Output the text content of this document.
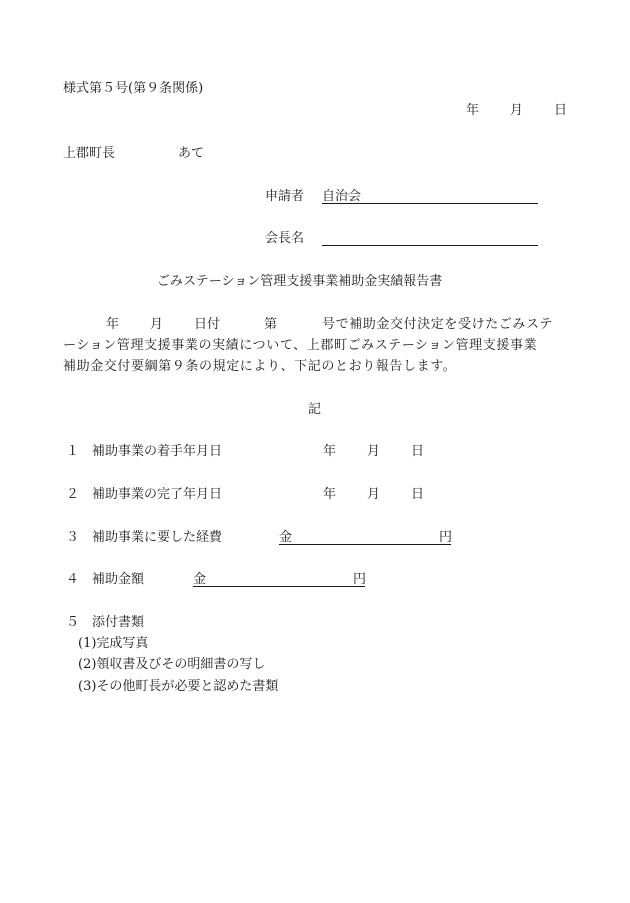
様式第５号(第９条関係)
年 月 日
上郡町長	あて
申請者 自治会
会長名
ごみステーション管理支援事業補助金実績報告書
年 月 日付	第	号で補助金交付決定を受けたごみステ
ーション管理支援事業の実績について、上郡町ごみステーション管理支援事業
補助金交付要綱第９条の規定により、下記のとおり報告します。
記
１ 補助事業の着手年月日	年 月 日
２ 補助事業の完了年月日	年 月 日
３ 補助事業に要した経費	金	円
４ 補助金額	金	円
５ 添付書類
(1)完成写真
(2)領収書及びその明細書の写し
(3)その他町長が必要と認めた書類
